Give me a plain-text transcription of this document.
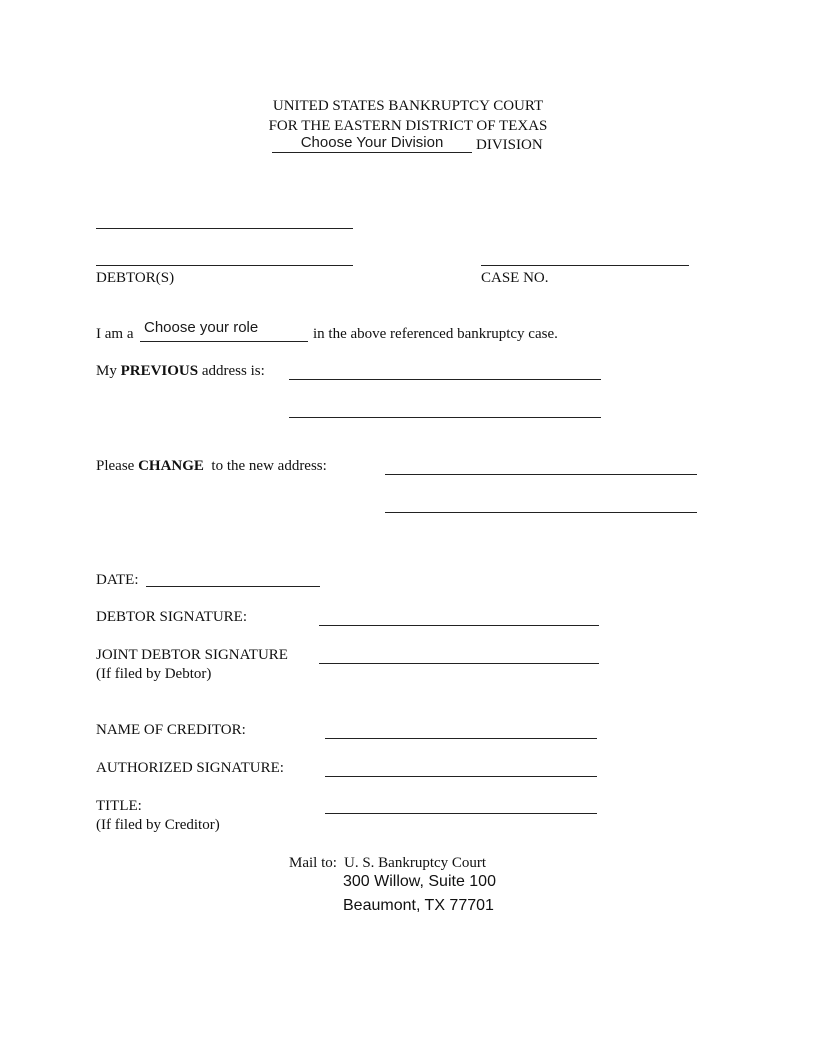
UNITED STATES BANKRUPTCY COURT
FOR THE EASTERN DISTRICT OF TEXAS
Choose Your Division	DIVISION
DEBTOR(S)	CASE NO.
I am a Choose your role	in the above referenced bankruptcy case.
My PREVIOUS address is:
Please CHANGE to the new address:
DATE:
DEBTOR SIGNATURE:
JOINT DEBTOR SIGNATURE
(If filed by Debtor)
NAME OF CREDITOR:
AUTHORIZED SIGNATURE:
TITLE:
(If filed by Creditor)
Mail to: U. S. Bankruptcy Court
300 Willow, Suite 100
Beaumont, TX 77701
